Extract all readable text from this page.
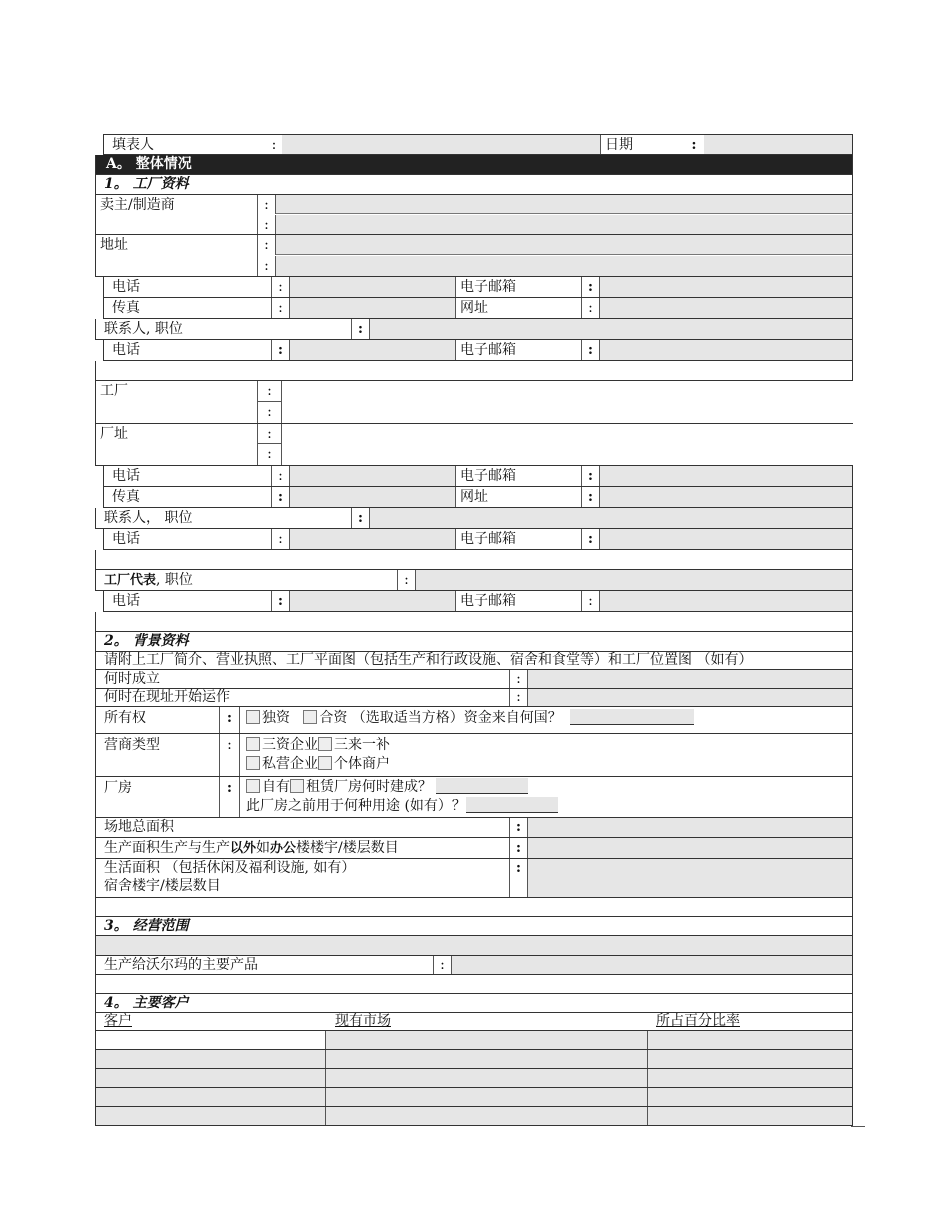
填表人	:	日期	:
A。 整体情况
1。 工厂资料
卖主/制造商	:
:
地址	:
:
电话	:	电子邮箱	:
传真	:	网址	:
联系人, 职位	:
电话	:	电子邮箱	:
工厂	:
:
厂址	:
:
电话	:	电子邮箱	:
传真	:	网址	:
联系人， 职位	:
电话	:	电子邮箱	:
工厂代表, 职位	:
电话	:	电子邮箱	:
2。 背景资料
请附上工厂简介、营业执照、工厂平面图（包括生产和行政设施、宿舍和食堂等）和工厂位置图 （如有）
何时成立	:
何时在现址开始运作	:
所有权	:	独资 合资 （选取适当方格）资金来自何国？
营商类型	:	三资企业 三来一补
私营企业 个体商户
厂房	:	自有 租赁厂房何时建成？
此厂房之前用于何种用途 (如有）？
场地总面积	:
生产面积生产与生产以外如办公楼楼宇/楼层数目	:
生活面积 （包括休闲及福利设施, 如有）
宿舍楼宇/楼层数目
:
3。 经营范围
生产给沃尔玛的主要产品	:
4。 主要客户
客户	现有市场	所占百分比率
